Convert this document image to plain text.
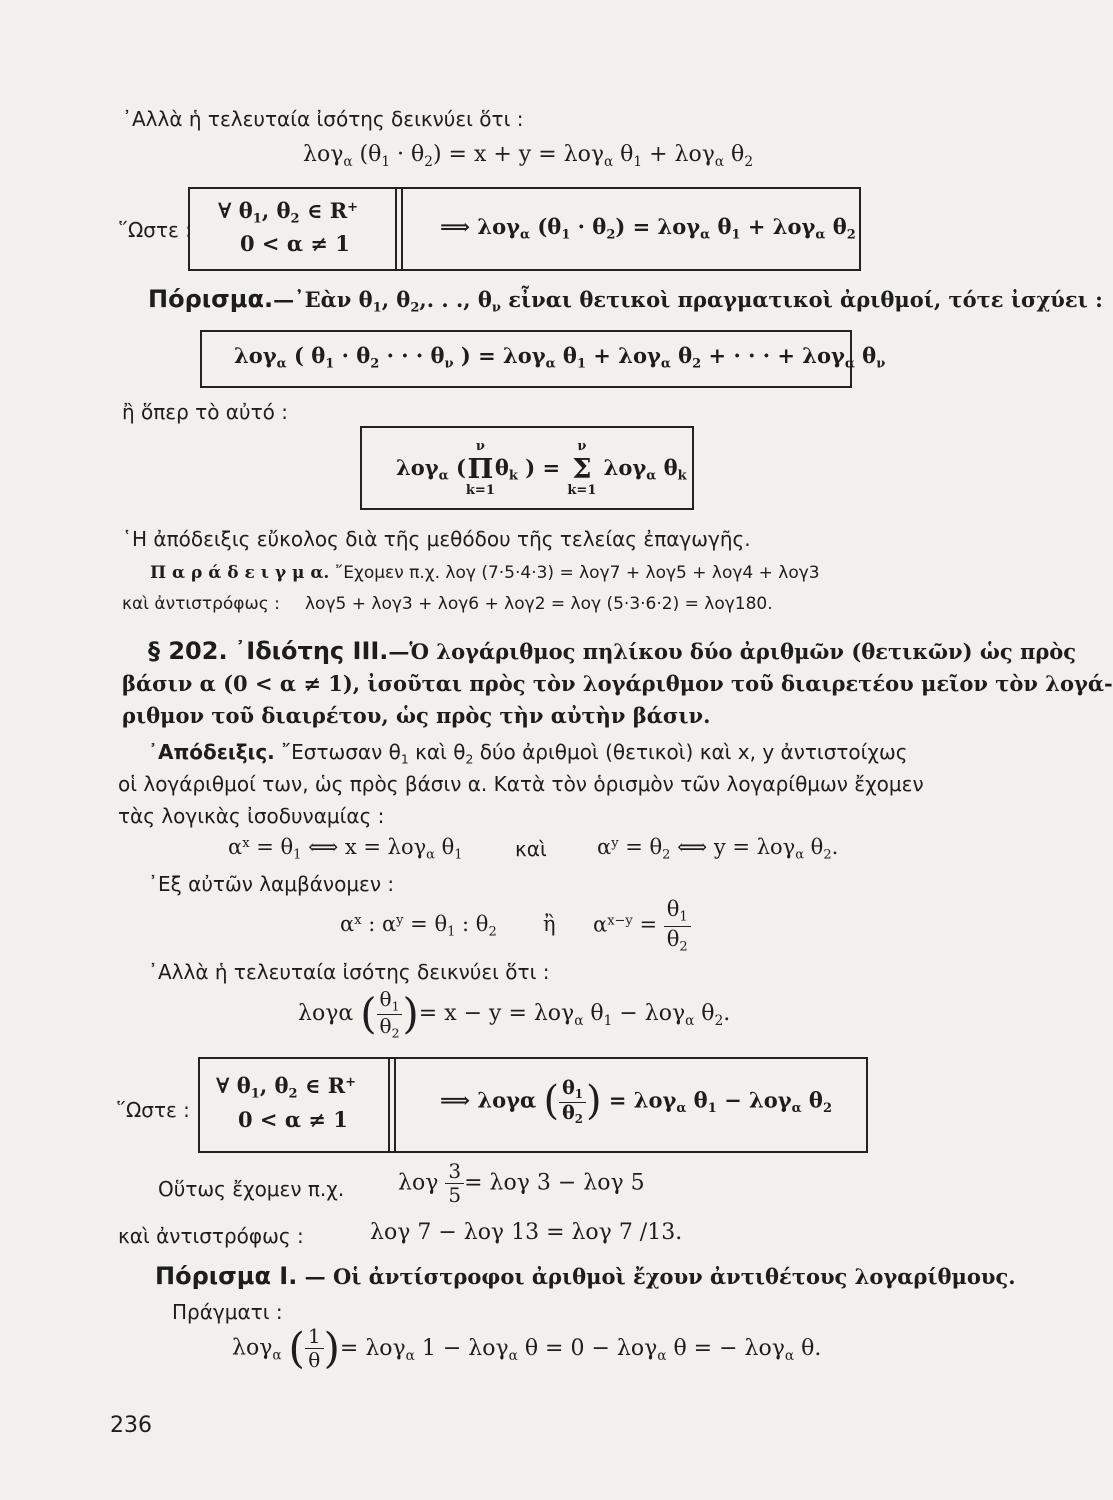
᾿Αλλὰ ἡ τελευταία ἰσότης δεικνύει ὅτι :
λογ$_\alpha$ $(\theta_1 \cdot \theta_2) = x + y = \lambda o\gamma_\alpha$ $\theta_1 + \lambda o\gamma_\alpha$ $\theta_2$
῞Ωστε :
∀ $\theta_1$, $\theta_2$ ∈ R+
0 < α ≠ 1
⟹ λογ$_\alpha$ $(\theta_1 \cdot \theta_2) = \lambda o\gamma_\alpha$ $\theta_1 + \lambda o\gamma_\alpha$ $\theta_2$
Πόρισμα.—᾿Εὰν $\theta_1$, $\theta_2$,. . ., $\theta_\nu$ εἶναι θετικοὶ πραγματικοὶ ἀριθμοί, τότε ἰσχύει :
λογ$_\alpha$ ( $\theta_1 \cdot \theta_2$ · · · $\theta_\nu$ ) = λογ$_\alpha$ $\theta_1 + \lambda o\gamma_\alpha$ $\theta_2$ + · · · + λογ$_\alpha$ $\theta_\nu$
ἢ ὅπερ τὸ αὐτό :
λογ$_\alpha$ (
ν
Π
k=1
$\theta_k$ ) =
ν
Σ
k=1
λογ$_\alpha$ $\theta_k$
῾Η ἀπόδειξις εὔκολος διὰ τῆς μεθόδου τῆς τελείας ἐπαγωγῆς.
Π α ρ ά δ ε ι γ μ α. ῎Εχομεν π.χ. λογ (7·5·4·3) = λογ7 + λογ5 + λογ4 + λογ3
καὶ ἀντιστρόφως : λογ5 + λογ3 + λογ6 + λογ2 = λογ (5·3·6·2) = λογ180.
§ 202. ᾿Ιδιότης ΙΙΙ.—Ὁ λογάριθμος πηλίκου δύο ἀριθμῶν (θετικῶν) ὡς πρὸς
βάσιν α (0 < α ≠ 1), ἰσοῦται πρὸς τὸν λογάριθμον τοῦ διαιρετέου μεῖον τὸν λογά-
ριθμον τοῦ διαιρέτου, ὡς πρὸς τὴν αὐτὴν βάσιν.
᾿Απόδειξις. ῎Εστωσαν $\theta_1$ καὶ $\theta_2$ δύο ἀριθμοὶ (θετικοὶ) καὶ x, y ἀντιστοίχως
οἱ λογάριθμοί των, ὡς πρὸς βάσιν α. Κατὰ τὸν ὁρισμὸν τῶν λογαρίθμων ἔχομεν
τὰς λογικὰς ἰσοδυναμίας :
$\alpha^x = \theta_1$ ⟺ x = λογ$_\alpha$ $\theta_1$	καὶ $\alpha^y = \theta_2$ ⟺ y = λογ$_\alpha$ $\theta_2$.
᾿Εξ αὐτῶν λαμβάνομεν :
$\alpha^x$ : $\alpha^y = \theta_1$ : $\theta_2$ ἢ $\alpha^{x-y} = \frac{\theta_1}{\theta_2}$
᾿Αλλὰ ἡ τελευταία ἰσότης δεικνύει ὅτι :
λογα ( $\frac{\theta_1}{\theta_2}$ )= x − y = λογ$_\alpha$ $\theta_1 - \lambda o\gamma_\alpha$ $\theta_2$.
∀ $\theta_1$, $\theta_2$ ∈ R+
῞Ωστε : 0 < α ≠ 1
⟹ λογα ( $\frac{\theta_1}{\theta_2}$ ) = λογ$_\alpha$ $\theta_1 - \lambda o\gamma_\alpha$ $\theta_2$
Οὕτως ἔχομεν π.χ. λογ $\frac{3}{5} = \lambda o\gamma$ 3 − λογ 5
καὶ ἀντιστρόφως :	λογ 7 − λογ 13 = λογ 7 /13.
Πόρισμα Ι. — Οἱ ἀντίστροφοι ἀριθμοὶ ἔχουν ἀντιθέτους λογαρίθμους.
Πράγματι :
λογ$_\alpha$ ( $\frac{1}{\theta}$ )= λογ$_\alpha$ 1 − λογ$_\alpha$ θ = 0 − λογ$_\alpha$ θ = − λογ$_\alpha$ θ.
236
